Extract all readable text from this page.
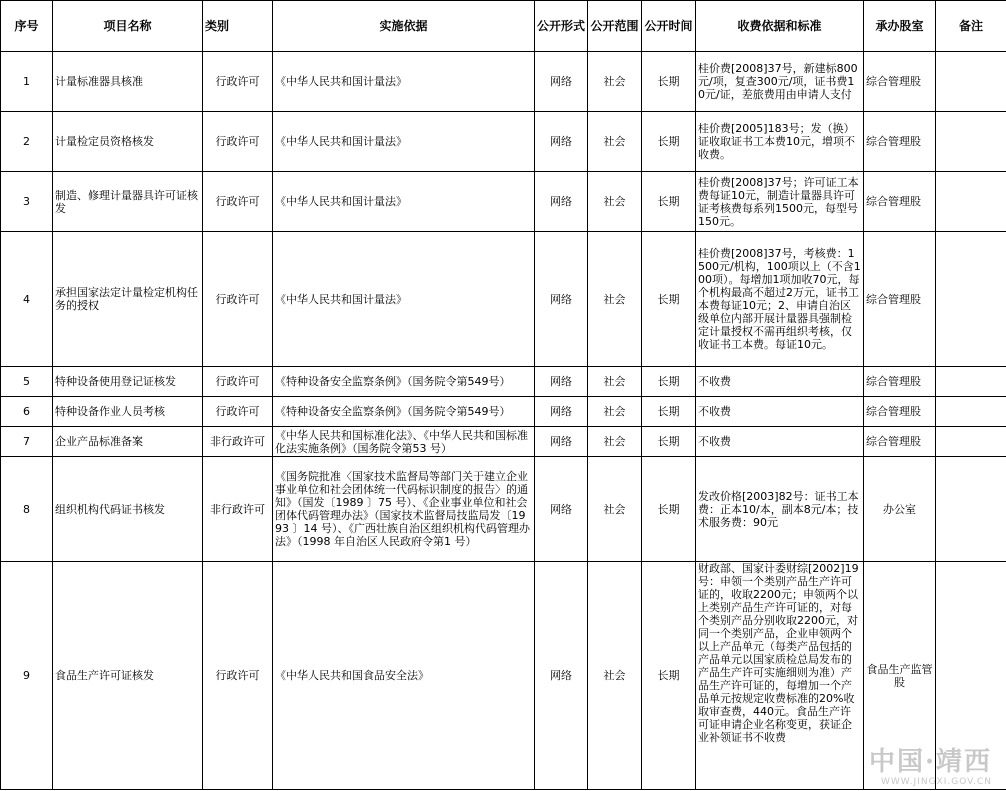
序号	项目名称	类别	实施依据	公开形式	公开范围	公开时间	收费依据和标准	承办股室	备注
1	计量标准器具核准	行政许可	《中华人民共和国计量法》	网络	社会	长期	桂价费[2008]37号，新建标800元/项，复查300元/项，证书费10元/证，差旅费用由申请人支付	综合管理股	
2	计量检定员资格核发	行政许可	《中华人民共和国计量法》	网络	社会	长期	桂价费[2005]183号；发（换）证收取证书工本费10元，增项不收费。	综合管理股	
3	制造、修理计量器具许可证核发	行政许可	《中华人民共和国计量法》	网络	社会	长期	桂价费[2008]37号；许可证工本费每证10元，制造计量器具许可证考核费每系列1500元，每型号150元。	综合管理股	
4	承担国家法定计量检定机构任务的授权	行政许可	《中华人民共和国计量法》	网络	社会	长期	桂价费[2008]37号，考核费：1500元/机构，100项以上（不含100项）。每增加1项加收70元，每个机构最高不超过2万元，证书工本费每证10元；2、申请自治区级单位内部开展计量器具强制检定计量授权不需再组织考核，仅收证书工本费。每证10元。	综合管理股	
5	特种设备使用登记证核发	行政许可	《特种设备安全监察条例》（国务院令第549号）	网络	社会	长期	不收费	综合管理股	
6	特种设备作业人员考核	行政许可	《特种设备安全监察条例》（国务院令第549号）	网络	社会	长期	不收费	综合管理股	
7	企业产品标准备案	非行政许可	《中华人民共和国标准化法》、《中华人民共和国标准化法实施条例》（国务院令第53 号）	网络	社会	长期	不收费	综合管理股	
8	组织机构代码证书核发	非行政许可	《国务院批准〈国家技术监督局等部门关于建立企业事业单位和社会团体统一代码标识制度的报告〉的通知》（国发〔1989 〕75 号）、《企业事业单位和社会团体代码管理办法》（国家技术监督局技监局发〔1993 〕14 号）、《广西壮族自治区组织机构代码管理办法》（1998 年自治区人民政府令第1 号）	网络	社会	长期	发改价格[2003]82号：证书工本费：正本10/本，副本8元/本；技术服务费：90元	办公室	
9	食品生产许可证核发	行政许可	《中华人民共和国食品安全法》	网络	社会	长期	财政部、国家计委财综[2002]19号：申领一个类别产品生产许可证的，收取2200元；申领两个以上类别产品生产许可证的，对每个类别产品分别收取2200元，对同一个类别产品，企业申领两个以上产品单元（每类产品包括的产品单元以国家质检总局发布的产品生产许可实施细则为准）产品生产许可证的，每增加一个产品单元按规定收费标准的20%收取审查费，440元。食品生产许可证申请企业名称变更，获证企业补领证书不收费	食品生产监管股	
中国·靖西
WWW.JINGXI.GOV.CN
